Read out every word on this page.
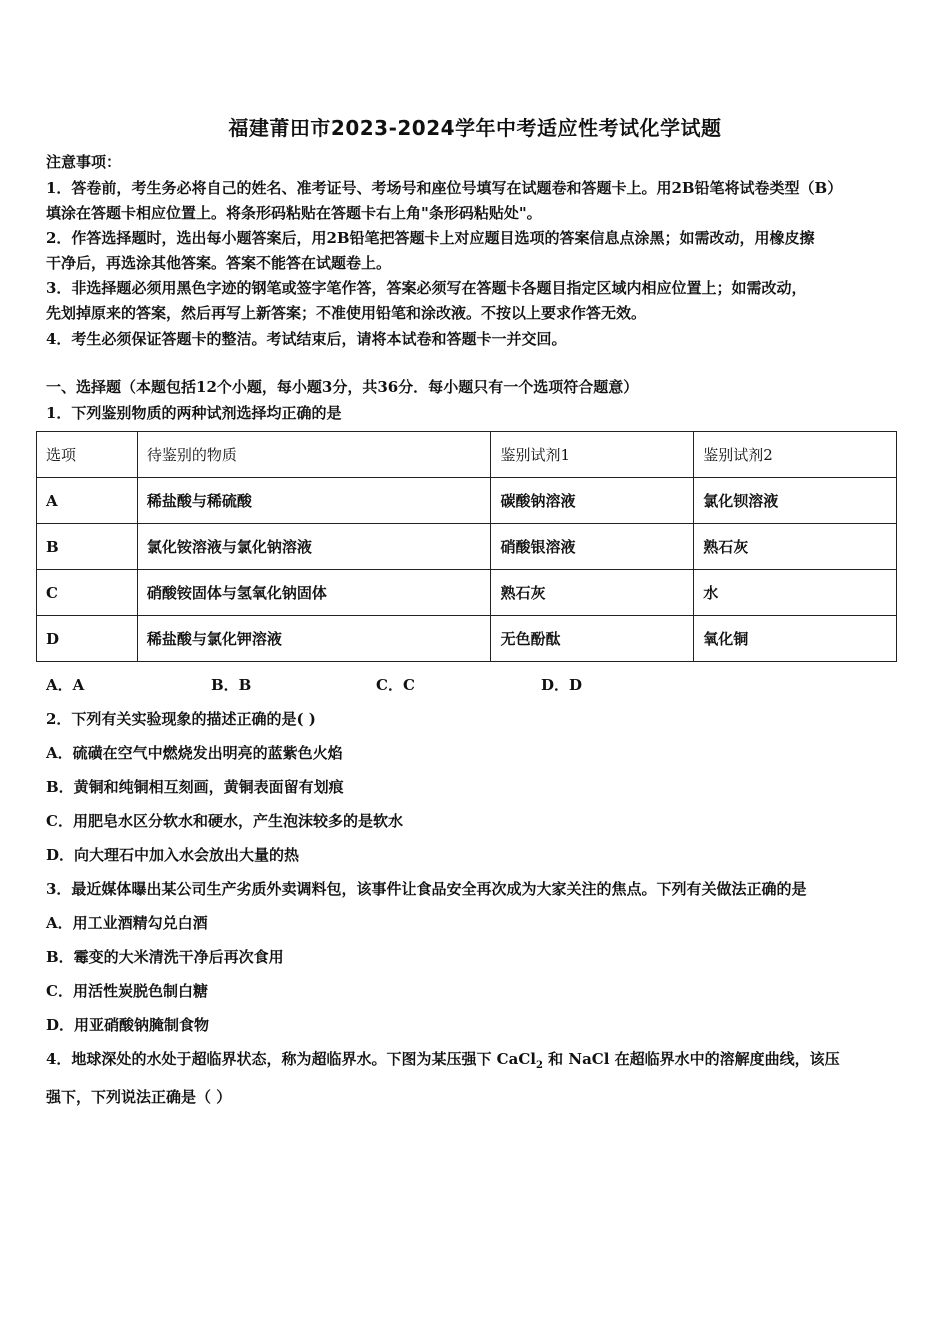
福建莆田市2023-2024学年中考适应性考试化学试题
注意事项：
1．答卷前，考生务必将自己的姓名、准考证号、考场号和座位号填写在试题卷和答题卡上。用2B铅笔将试卷类型（B）
填涂在答题卡相应位置上。将条形码粘贴在答题卡右上角"条形码粘贴处"。
2．作答选择题时，选出每小题答案后，用2B铅笔把答题卡上对应题目选项的答案信息点涂黑；如需改动，用橡皮擦
干净后，再选涂其他答案。答案不能答在试题卷上。
3．非选择题必须用黑色字迹的钢笔或签字笔作答，答案必须写在答题卡各题目指定区域内相应位置上；如需改动，
先划掉原来的答案，然后再写上新答案；不准使用铅笔和涂改液。不按以上要求作答无效。
4．考生必须保证答题卡的整洁。考试结束后，请将本试卷和答题卡一并交回。
一、选择题（本题包括12个小题，每小题3分，共36分．每小题只有一个选项符合题意）
1．下列鉴别物质的两种试剂选择均正确的是
选项	待鉴别的物质	鉴别试剂1	鉴别试剂2
A	稀盐酸与稀硫酸	碳酸钠溶液	氯化钡溶液
B	氯化铵溶液与氯化钠溶液	硝酸银溶液	熟石灰
C	硝酸铵固体与氢氧化钠固体	熟石灰	水
D	稀盐酸与氯化钾溶液	无色酚酞	氧化铜
A．A	B．B	C．C	D．D
2．下列有关实验现象的描述正确的是( )
A．硫磺在空气中燃烧发出明亮的蓝紫色火焰
B．黄铜和纯铜相互刻画，黄铜表面留有划痕
C．用肥皂水区分软水和硬水，产生泡沫较多的是软水
D．向大理石中加入水会放出大量的热
3．最近媒体曝出某公司生产劣质外卖调料包，该事件让食品安全再次成为大家关注的焦点。下列有关做法正确的是
A．用工业酒精勾兑白酒
B．霉变的大米清洗干净后再次食用
C．用活性炭脱色制白糖
D．用亚硝酸钠腌制食物
4．地球深处的水处于超临界状态，称为超临界水。下图为某压强下 CaCl$_2$ 和 NaCl 在超临界水中的溶解度曲线，该压
强下，下列说法正确是（ ）
